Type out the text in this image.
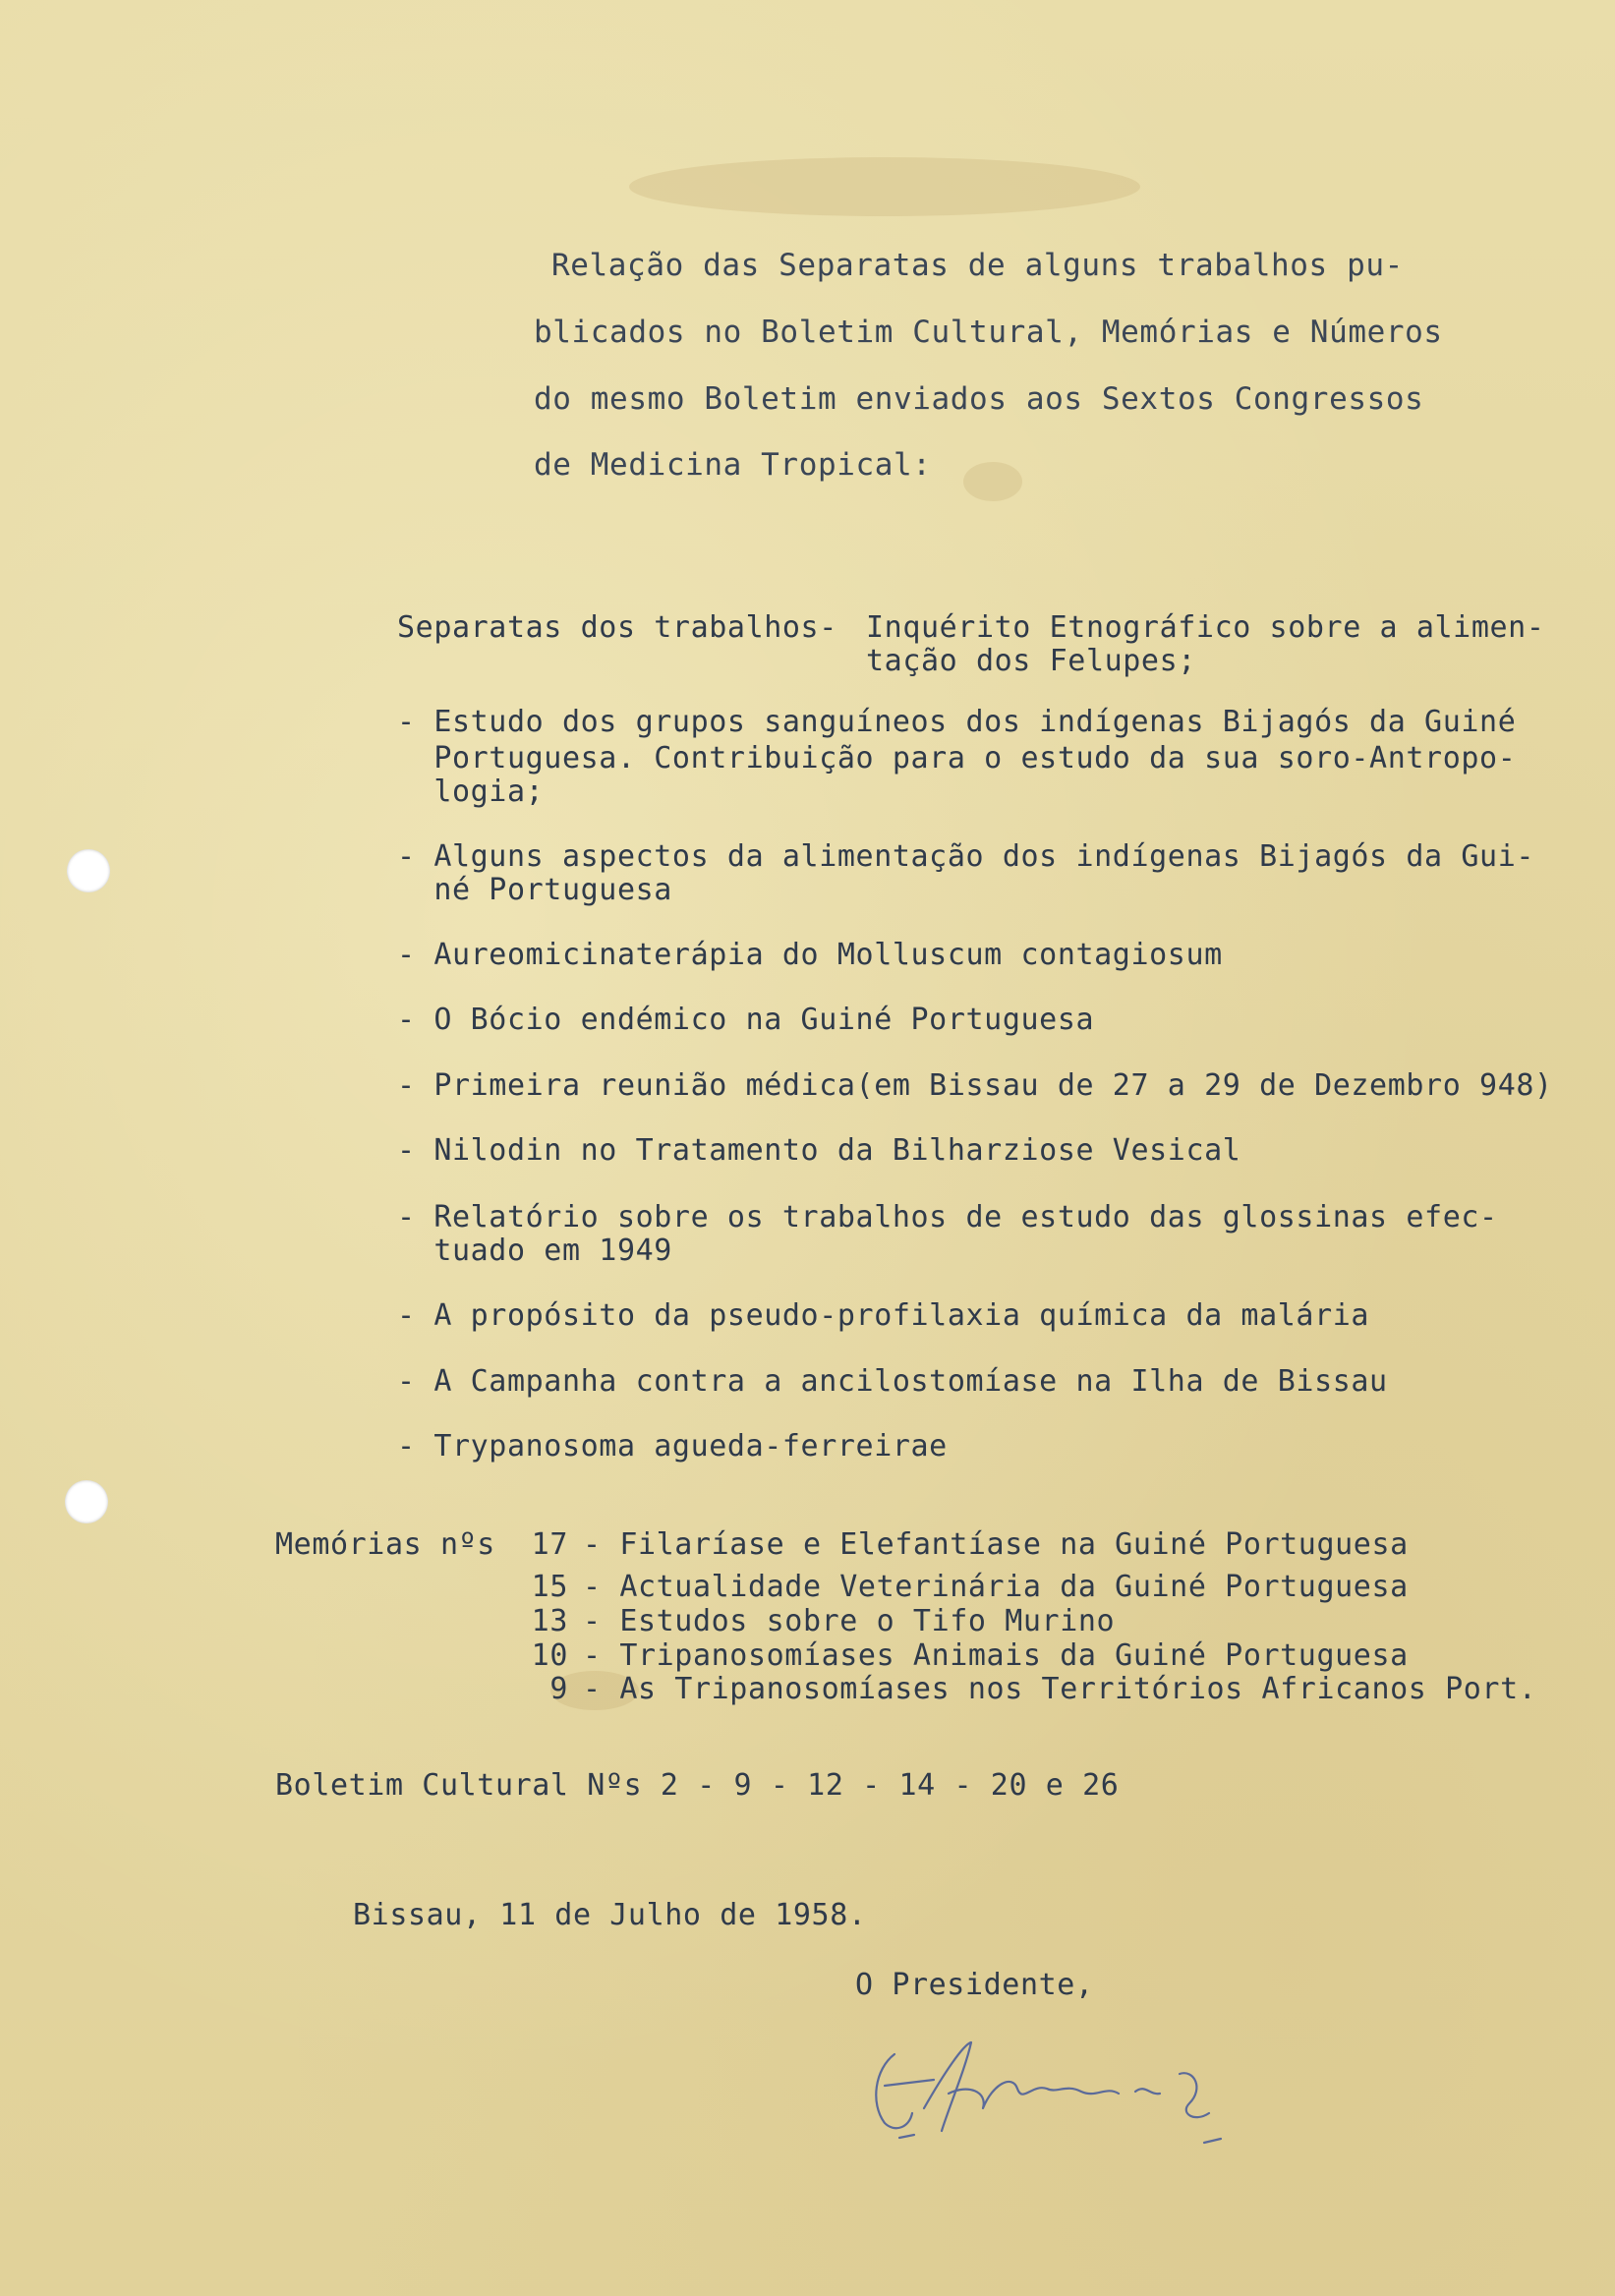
Relação das Separatas de alguns trabalhos pu-

blicados no Boletim Cultural, Memórias e Números

do mesmo Boletim enviados aos Sextos Congressos

de Medicina Tropical:

Separatas dos trabalhos- Inquérito Etnográfico sobre a alimen-

tação dos Felupes;

- Estudo dos grupos sanguíneos dos indígenas Bijagós da Guiné

Portuguesa. Contribuição para o estudo da sua soro-Antropo-

logia;

- Alguns aspectos da alimentação dos indígenas Bijagós da Gui-

né Portuguesa

- Aureomicinaterápia do Molluscum contagiosum

- O Bócio endémico na Guiné Portuguesa

- Primeira reunião médica(em Bissau de 27 a 29 de Dezembro 948)

- Nilodin no Tratamento da Bilharziose Vesical

- Relatório sobre os trabalhos de estudo das glossinas efec-

tuado em 1949

- A propósito da pseudo-profilaxia química da malária

- A Campanha contra a ancilostomíase na Ilha de Bissau

- Trypanosoma agueda-ferreirae

Memórias nºs	17 - Filaríase e Elefantíase na Guiné Portuguesa

15 - Actualidade Veterinária da Guiné Portuguesa

13 - Estudos sobre o Tifo Murino

10 - Tripanosomíases Animais da Guiné Portuguesa

9 - As Tripanosomíases nos Territórios Africanos Port.

Boletim Cultural Nºs 2 - 9 - 12 - 14 - 20 e 26

Bissau, 11 de Julho de 1958.

O Presidente,
